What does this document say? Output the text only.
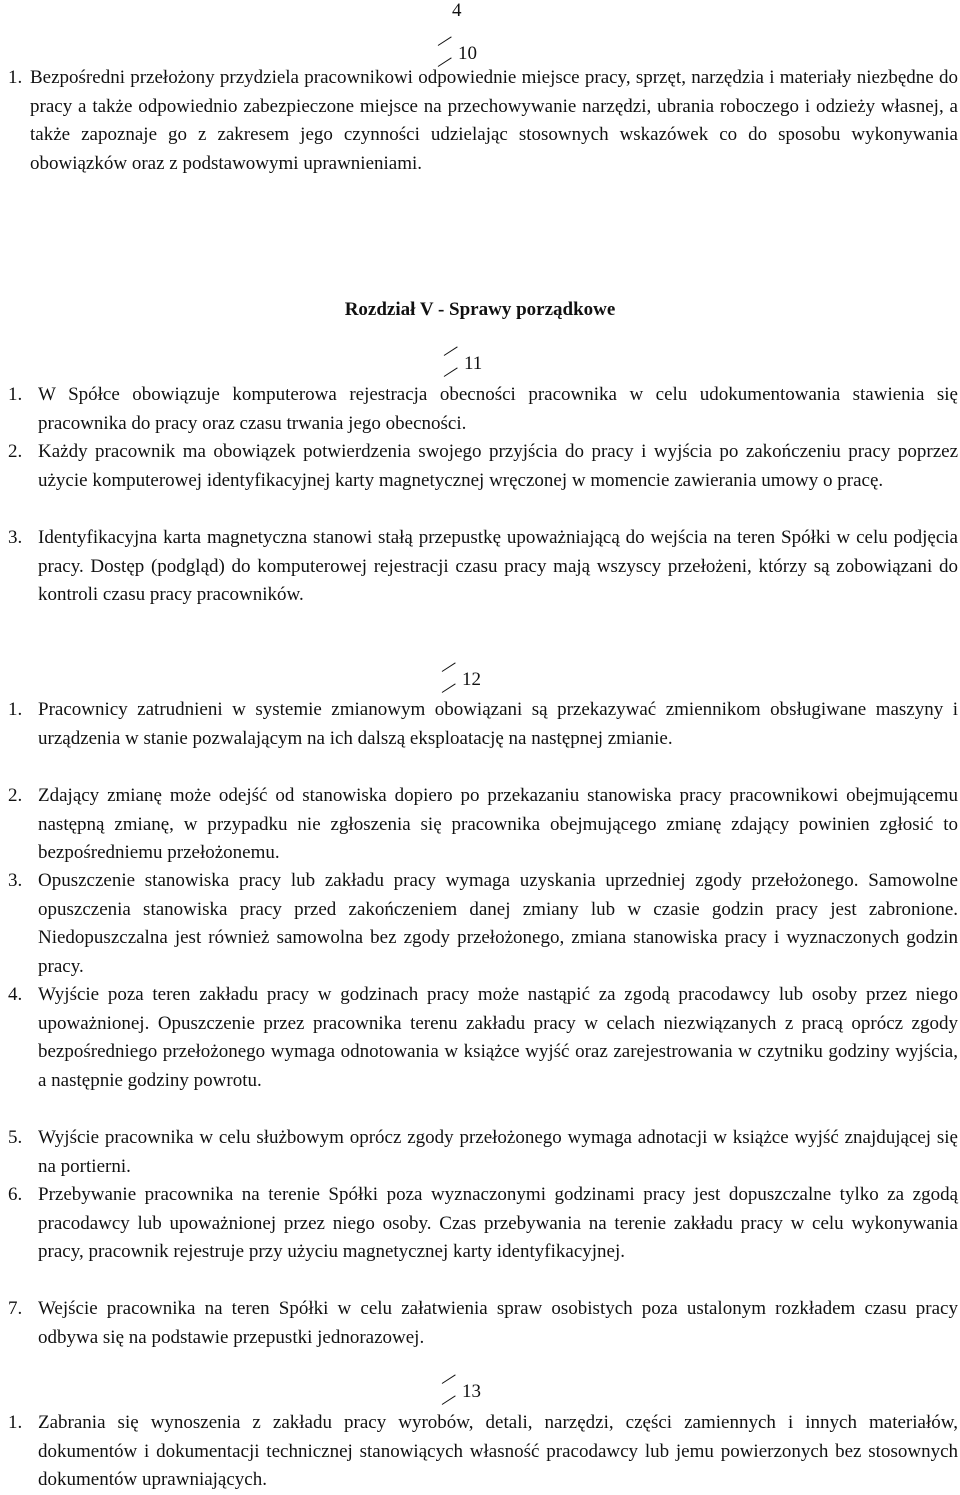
4
10
1. Bezpośredni przełożony przydziela pracownikowi odpowiednie miejsce pracy, sprzęt, narzędzia i materiały niezbędne do pracy a także odpowiednio zabezpieczone miejsce na przechowywanie narzędzi, ubrania roboczego i odzieży własnej, a także zapoznaje go z zakresem jego czynności udzielając stosownych wskazówek co do sposobu wykonywania obowiązków oraz z podstawowymi uprawnieniami.
Rozdział V - Sprawy porządkowe
11
1. W Spółce obowiązuje komputerowa rejestracja obecności pracownika w celu udokumentowania stawienia się pracownika do pracy oraz czasu trwania jego obecności.
2. Każdy pracownik ma obowiązek potwierdzenia swojego przyjścia do pracy i wyjścia po zakończeniu pracy poprzez użycie komputerowej identyfikacyjnej karty magnetycznej wręczonej w momencie zawierania umowy o pracę.
3. Identyfikacyjna karta magnetyczna stanowi stałą przepustkę upoważniającą do wejścia na teren Spółki w celu podjęcia pracy. Dostęp (podgląd) do komputerowej rejestracji czasu pracy mają wszyscy przełożeni, którzy są zobowiązani do kontroli czasu pracy pracowników.
12
1. Pracownicy zatrudnieni w systemie zmianowym obowiązani są przekazywać zmiennikom obsługiwane maszyny i urządzenia w stanie pozwalającym na ich dalszą eksploatację na następnej zmianie.
2. Zdający zmianę może odejść od stanowiska dopiero po przekazaniu stanowiska pracy pracownikowi obejmującemu następną zmianę, w przypadku nie zgłoszenia się pracownika obejmującego zmianę zdający powinien zgłosić to bezpośredniemu przełożonemu.
3. Opuszczenie stanowiska pracy lub zakładu pracy wymaga uzyskania uprzedniej zgody przełożonego. Samowolne opuszczenia stanowiska pracy przed zakończeniem danej zmiany lub w czasie godzin pracy jest zabronione. Niedopuszczalna jest również samowolna bez zgody przełożonego, zmiana stanowiska pracy i wyznaczonych godzin pracy.
4. Wyjście poza teren zakładu pracy w godzinach pracy może nastąpić za zgodą pracodawcy lub osoby przez niego upoważnionej. Opuszczenie przez pracownika terenu zakładu pracy w celach niezwiązanych z pracą oprócz zgody bezpośredniego przełożonego wymaga odnotowania w książce wyjść oraz zarejestrowania w czytniku godziny wyjścia, a następnie godziny powrotu.
5. Wyjście pracownika w celu służbowym oprócz zgody przełożonego wymaga adnotacji w książce wyjść znajdującej się na portierni.
6. Przebywanie pracownika na terenie Spółki poza wyznaczonymi godzinami pracy jest dopuszczalne tylko za zgodą pracodawcy lub upoważnionej przez niego osoby. Czas przebywania na terenie zakładu pracy w celu wykonywania pracy, pracownik rejestruje przy użyciu magnetycznej karty identyfikacyjnej.
7. Wejście pracownika na teren Spółki w celu załatwienia spraw osobistych poza ustalonym rozkładem czasu pracy odbywa się na podstawie przepustki jednorazowej.
13
1. Zabrania się wynoszenia z zakładu pracy wyrobów, detali, narzędzi, części zamiennych i innych materiałów, dokumentów i dokumentacji technicznej stanowiących własność pracodawcy lub jemu powierzonych bez stosownych dokumentów uprawniających.
